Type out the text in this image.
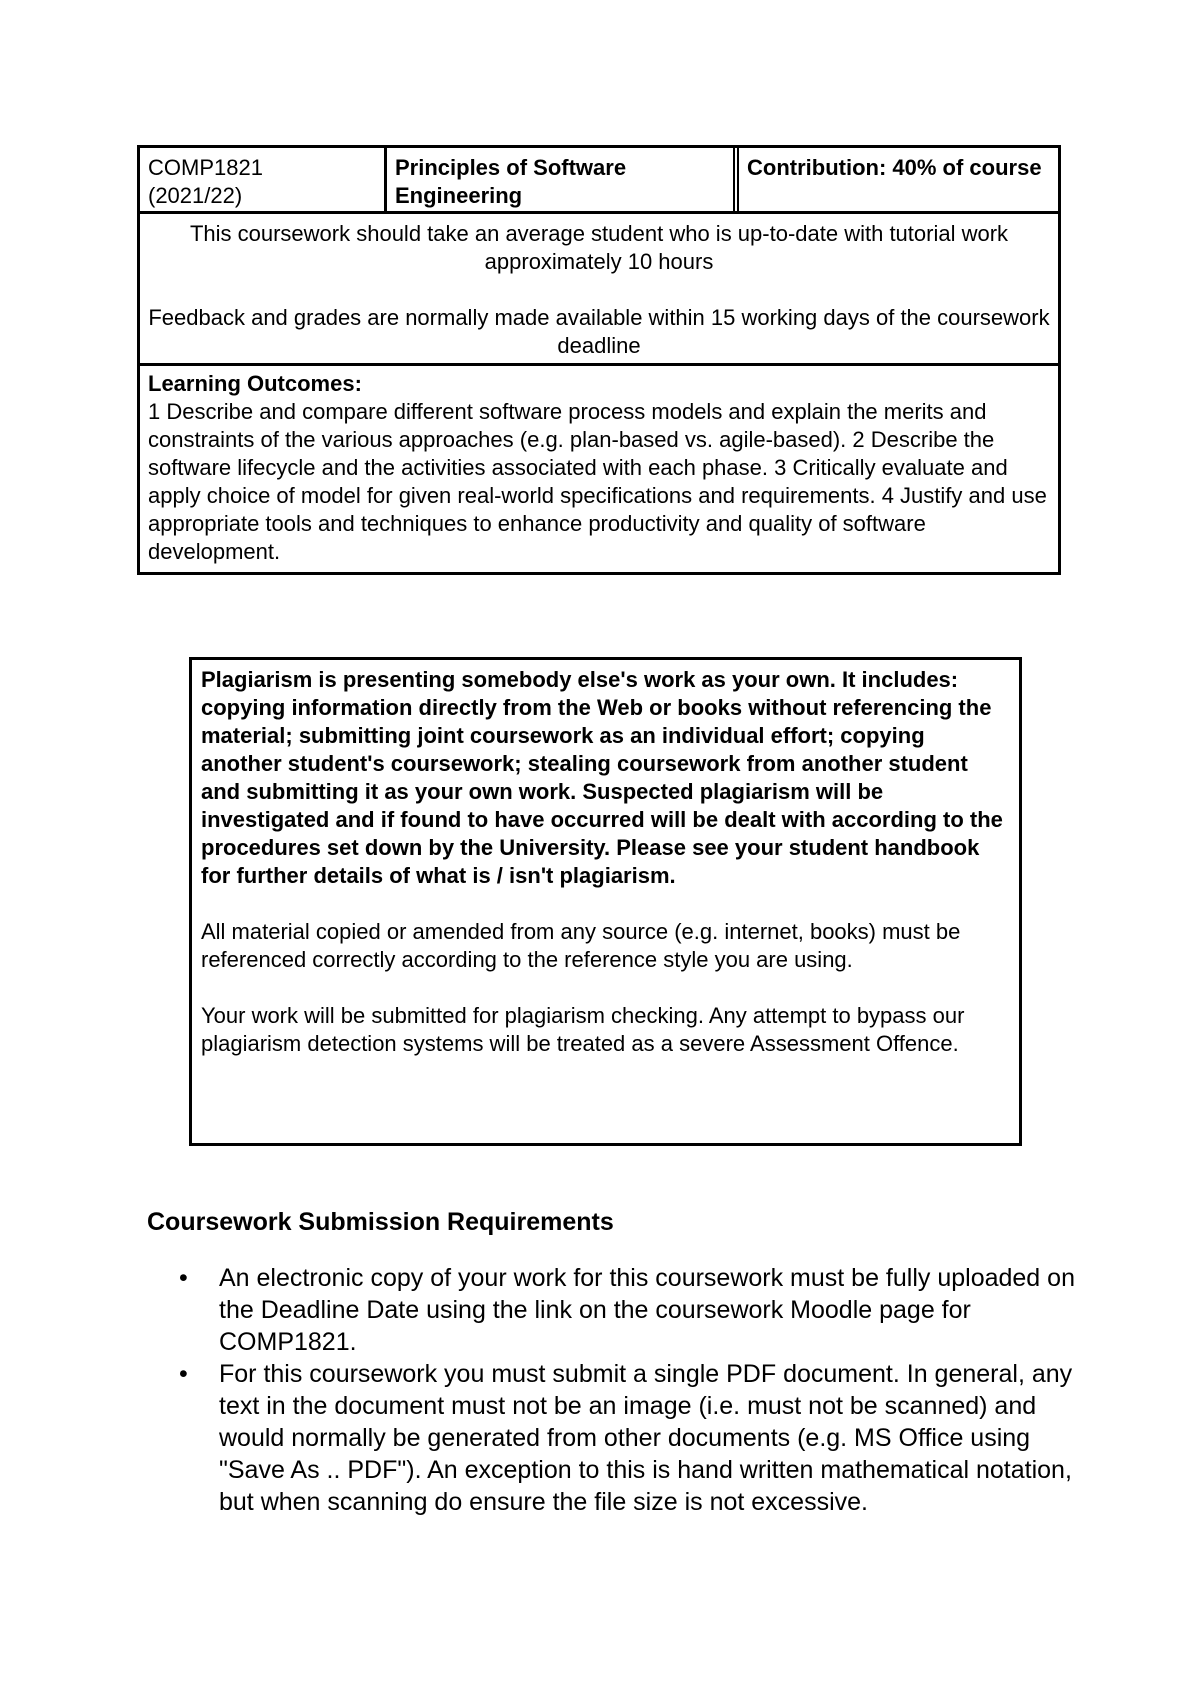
COMP1821
(2021/22)
Principles of Software Engineering
Contribution: 40% of course

This coursework should take an average student who is up-to-date with tutorial work approximately 10 hours

Feedback and grades are normally made available within 15 working days of the coursework deadline

Learning Outcomes:

1 Describe and compare different software process models and explain the merits and constraints of the various approaches (e.g. plan-based vs. agile-based). 2 Describe the software lifecycle and the activities associated with each phase. 3 Critically evaluate and apply choice of model for given real-world specifications and requirements. 4 Justify and use appropriate tools and techniques to enhance productivity and quality of software development.

Plagiarism is presenting somebody else's work as your own. It includes: copying information directly from the Web or books without referencing the material; submitting joint coursework as an individual effort; copying another student's coursework; stealing coursework from another student and submitting it as your own work. Suspected plagiarism will be investigated and if found to have occurred will be dealt with according to the procedures set down by the University. Please see your student handbook for further details of what is / isn't plagiarism.

All material copied or amended from any source (e.g. internet, books) must be referenced correctly according to the reference style you are using.

Your work will be submitted for plagiarism checking. Any attempt to bypass our plagiarism detection systems will be treated as a severe Assessment Offence.

Coursework Submission Requirements
• An electronic copy of your work for this coursework must be fully uploaded on the Deadline Date using the link on the coursework Moodle page for COMP1821.
• For this coursework you must submit a single PDF document. In general, any text in the document must not be an image (i.e. must not be scanned) and would normally be generated from other documents (e.g. MS Office using "Save As .. PDF"). An exception to this is hand written mathematical notation, but when scanning do ensure the file size is not excessive.
